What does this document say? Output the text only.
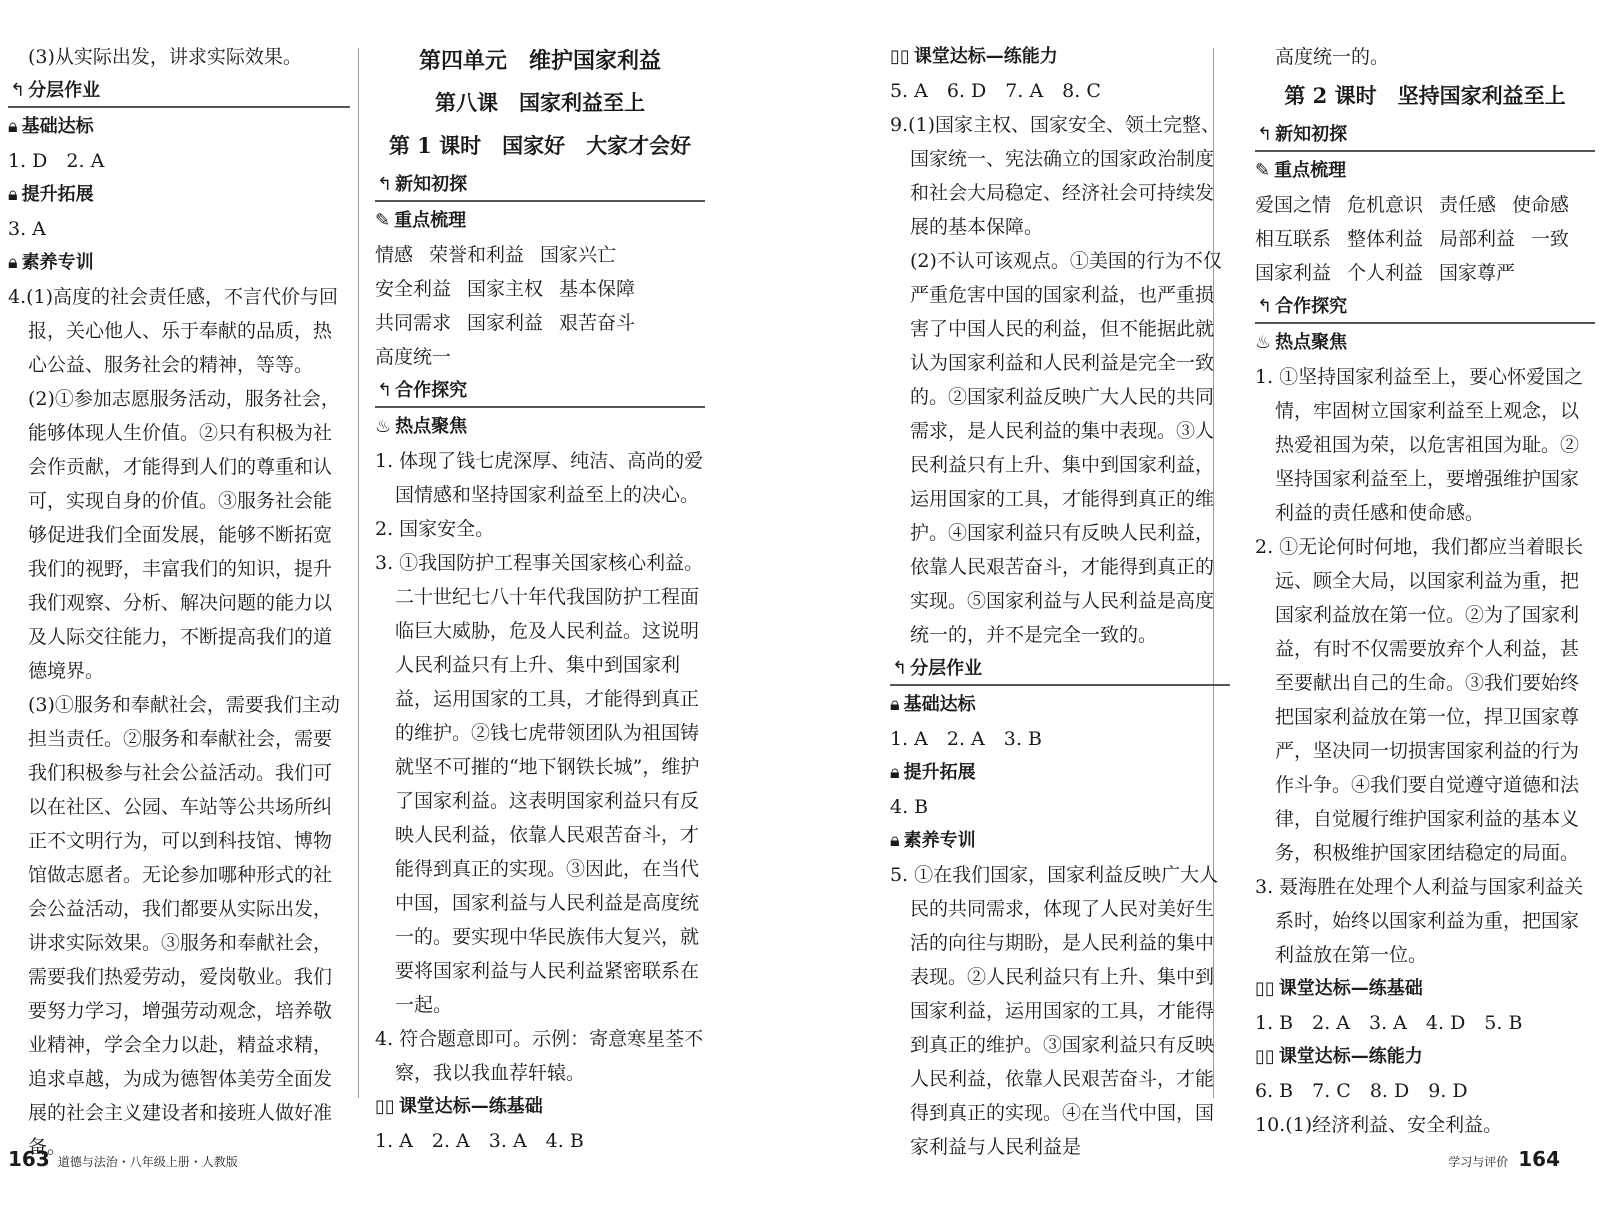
(3)从实际出发，讲求实际效果。

↰ 分层作业

🔒︎ 基础达标

1. D　2. A

🔒︎ 提升拓展

3. A

🔒︎ 素养专训

4.(1)高度的社会责任感，不言代价与回报，关心他人、乐于奉献的品质，热心公益、服务社会的精神，等等。

(2)①参加志愿服务活动，服务社会，能够体现人生价值。②只有积极为社会作贡献，才能得到人们的尊重和认可，实现自身的价值。③服务社会能够促进我们全面发展，能够不断拓宽我们的视野，丰富我们的知识，提升我们观察、分析、解决问题的能力以及人际交往能力，不断提高我们的道德境界。

(3)①服务和奉献社会，需要我们主动担当责任。②服务和奉献社会，需要我们积极参与社会公益活动。我们可以在社区、公园、车站等公共场所纠正不文明行为，可以到科技馆、博物馆做志愿者。无论参加哪种形式的社会公益活动，我们都要从实际出发，讲求实际效果。③服务和奉献社会，需要我们热爱劳动，爱岗敬业。我们要努力学习，增强劳动观念，培养敬业精神，学会全力以赴，精益求精，追求卓越，为成为德智体美劳全面发展的社会主义建设者和接班人做好准备。

第四单元　维护国家利益

第八课　国家利益至上

第 1 课时　国家好　大家才会好

↰ 新知初探

✎ 重点梳理

情感 荣誉和利益 国家兴亡安全利益 国家主权 基本保障共同需求 国家利益 艰苦奋斗高度统一

↰ 合作探究

♨ 热点聚焦

1. 体现了钱七虎深厚、纯洁、高尚的爱国情感和坚持国家利益至上的决心。

2. 国家安全。

3. ①我国防护工程事关国家核心利益。二十世纪七八十年代我国防护工程面临巨大威胁，危及人民利益。这说明人民利益只有上升、集中到国家利益，运用国家的工具，才能得到真正的维护。②钱七虎带领团队为祖国铸就坚不可摧的“地下钢铁长城”，维护了国家利益。这表明国家利益只有反映人民利益，依靠人民艰苦奋斗，才能得到真正的实现。③因此，在当代中国，国家利益与人民利益是高度统一的。要实现中华民族伟大复兴，就要将国家利益与人民利益紧密联系在一起。

4. 符合题意即可。示例：寄意寒星荃不察，我以我血荐轩辕。

▯▯ 课堂达标—练基础

1. A　2. A　3. A　4. B

▯▯ 课堂达标—练能力

5. A　6. D　7. A　8. C

9.(1)国家主权、国家安全、领土完整、国家统一、宪法确立的国家政治制度和社会大局稳定、经济社会可持续发展的基本保障。

(2)不认可该观点。①美国的行为不仅严重危害中国的国家利益，也严重损害了中国人民的利益，但不能据此就认为国家利益和人民利益是完全一致的。②国家利益反映广大人民的共同需求，是人民利益的集中表现。③人民利益只有上升、集中到国家利益，运用国家的工具，才能得到真正的维护。④国家利益只有反映人民利益，依靠人民艰苦奋斗，才能得到真正的实现。⑤国家利益与人民利益是高度统一的，并不是完全一致的。

↰ 分层作业

🔒︎ 基础达标

1. A　2. A　3. B

🔒︎ 提升拓展

4. B

🔒︎ 素养专训

5. ①在我们国家，国家利益反映广大人民的共同需求，体现了人民对美好生活的向往与期盼，是人民利益的集中表现。②人民利益只有上升、集中到国家利益，运用国家的工具，才能得到真正的维护。③国家利益只有反映人民利益，依靠人民艰苦奋斗，才能得到真正的实现。④在当代中国，国家利益与人民利益是

高度统一的。

第 2 课时　坚持国家利益至上

↰ 新知初探

✎ 重点梳理

爱国之情 危机意识 责任感 使命感相互联系 整体利益 局部利益 一致国家利益 个人利益 国家尊严

↰ 合作探究

♨ 热点聚焦

1. ①坚持国家利益至上，要心怀爱国之情，牢固树立国家利益至上观念，以热爱祖国为荣，以危害祖国为耻。②坚持国家利益至上，要增强维护国家利益的责任感和使命感。

2. ①无论何时何地，我们都应当着眼长远、顾全大局，以国家利益为重，把国家利益放在第一位。②为了国家利益，有时不仅需要放弃个人利益，甚至要献出自己的生命。③我们要始终把国家利益放在第一位，捍卫国家尊严，坚决同一切损害国家利益的行为作斗争。④我们要自觉遵守道德和法律，自觉履行维护国家利益的基本义务，积极维护国家团结稳定的局面。

3. 聂海胜在处理个人利益与国家利益关系时，始终以国家利益为重，把国家利益放在第一位。

▯▯ 课堂达标—练基础

1. B　2. A　3. A　4. D　5. B

▯▯ 课堂达标—练能力

6. B　7. C　8. D　9. D

10.(1)经济利益、安全利益。

163 道德与法治・八年级上册・人教版	学习与评价 164
